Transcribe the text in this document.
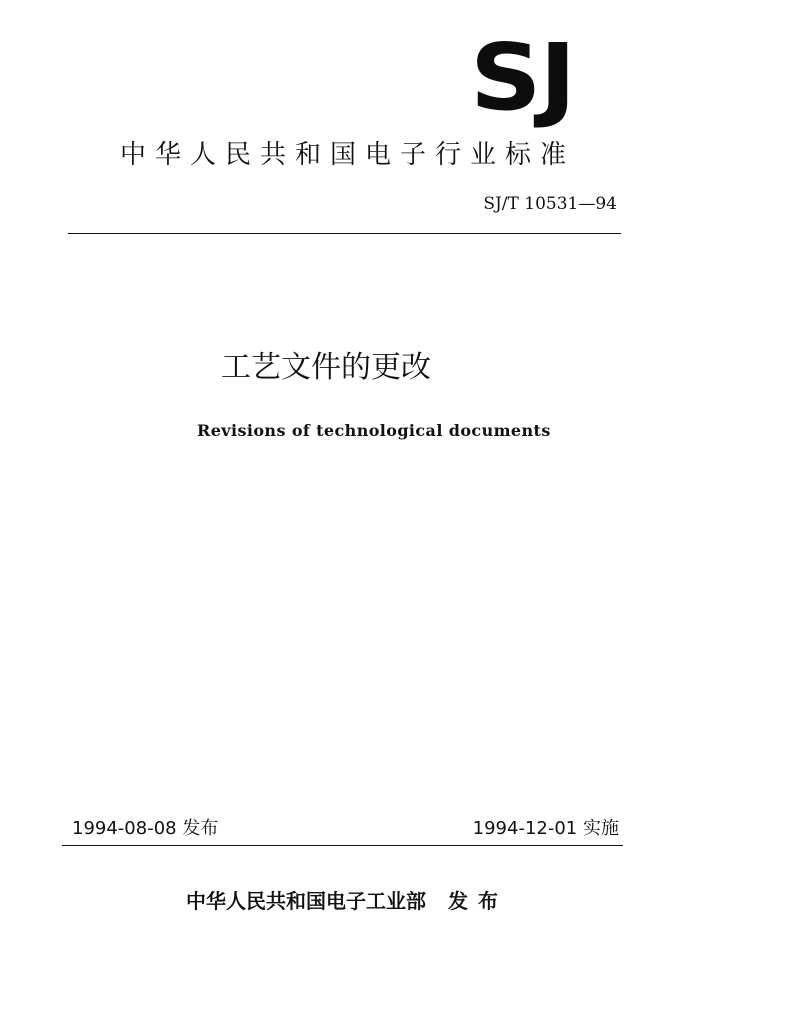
SJ
中华人民共和国电子行业标准
SJ/T 10531—94
工艺文件的更改
Revisions of technological documents
1994-08-08 发布	1994-12-01 实施
中华人民共和国电子工业部 发布
